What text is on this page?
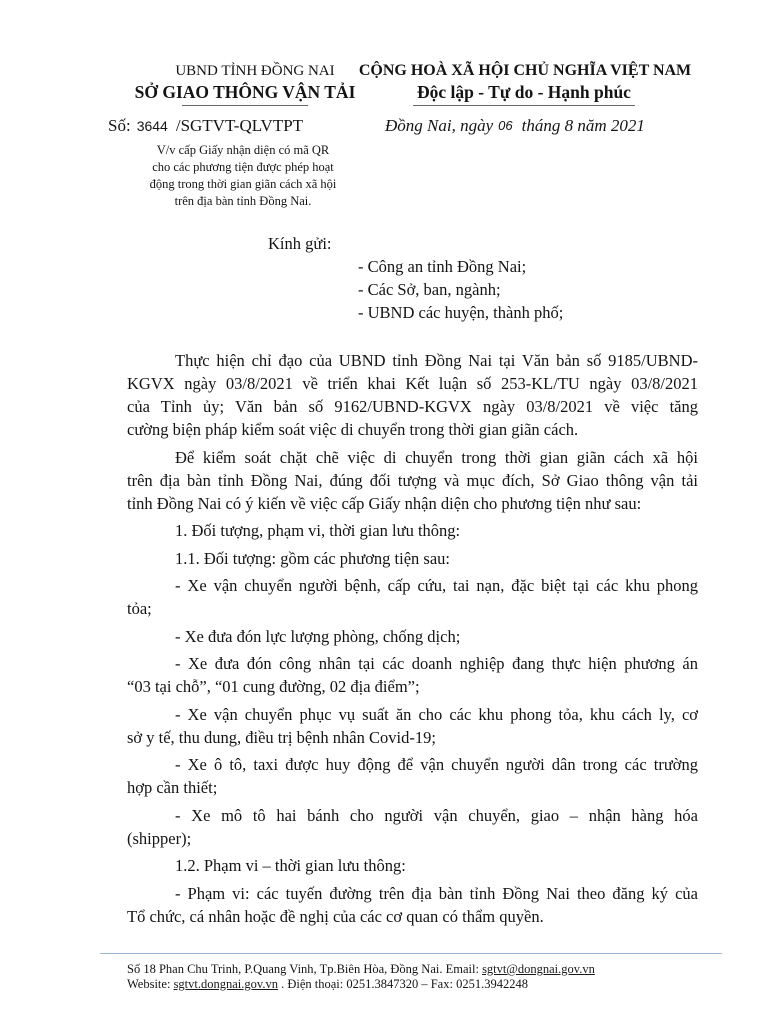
UBND TỈNH ĐỒNG NAI
SỞ GIAO THÔNG VẬN TẢI
CỘNG HOÀ XÃ HỘI CHỦ NGHĨA VIỆT NAM
Độc lập - Tự do - Hạnh phúc
Số: 3644 /SGTVT-QLVTPT	Đồng Nai, ngày 06 tháng 8 năm 2021
V/v cấp Giấy nhận diện có mã QR
cho các phương tiện được phép hoạt
động trong thời gian giãn cách xã hội
trên địa bàn tỉnh Đồng Nai.
Kính gửi:
- Công an tỉnh Đồng Nai;
- Các Sở, ban, ngành;
- UBND các huyện, thành phố;
Thực hiện chỉ đạo của UBND tỉnh Đồng Nai tại Văn bản số 9185/UBND-
KGVX ngày 03/8/2021 về triển khai Kết luận số 253-KL/TU ngày 03/8/2021
của Tỉnh ủy; Văn bản số 9162/UBND-KGVX ngày 03/8/2021 về việc tăng
cường biện pháp kiểm soát việc di chuyển trong thời gian giãn cách.
Để kiểm soát chặt chẽ việc di chuyển trong thời gian giãn cách xã hội
trên địa bàn tỉnh Đồng Nai, đúng đối tượng và mục đích, Sở Giao thông vận tải
tỉnh Đồng Nai có ý kiến về việc cấp Giấy nhận diện cho phương tiện như sau:
1. Đối tượng, phạm vi, thời gian lưu thông:
1.1. Đối tượng: gồm các phương tiện sau:
- Xe vận chuyển người bệnh, cấp cứu, tai nạn, đặc biệt tại các khu phong
tỏa;
- Xe đưa đón lực lượng phòng, chống dịch;
- Xe đưa đón công nhân tại các doanh nghiệp đang thực hiện phương án
“03 tại chỗ”, “01 cung đường, 02 địa điểm”;
- Xe vận chuyển phục vụ suất ăn cho các khu phong tỏa, khu cách ly, cơ
sở y tế, thu dung, điều trị bệnh nhân Covid-19;
- Xe ô tô, taxi được huy động để vận chuyển người dân trong các trường
hợp cần thiết;
- Xe mô tô hai bánh cho người vận chuyển, giao – nhận hàng hóa
(shipper);
1.2. Phạm vi – thời gian lưu thông:
- Phạm vi: các tuyến đường trên địa bàn tỉnh Đồng Nai theo đăng ký của
Tổ chức, cá nhân hoặc đề nghị của các cơ quan có thẩm quyền.
Số 18 Phan Chu Trinh, P.Quang Vinh, Tp.Biên Hòa, Đồng Nai. Email: sgtvt@dongnai.gov.vn
Website: sgtvt.dongnai.gov.vn . Điện thoại: 0251.3847320 – Fax: 0251.3942248
